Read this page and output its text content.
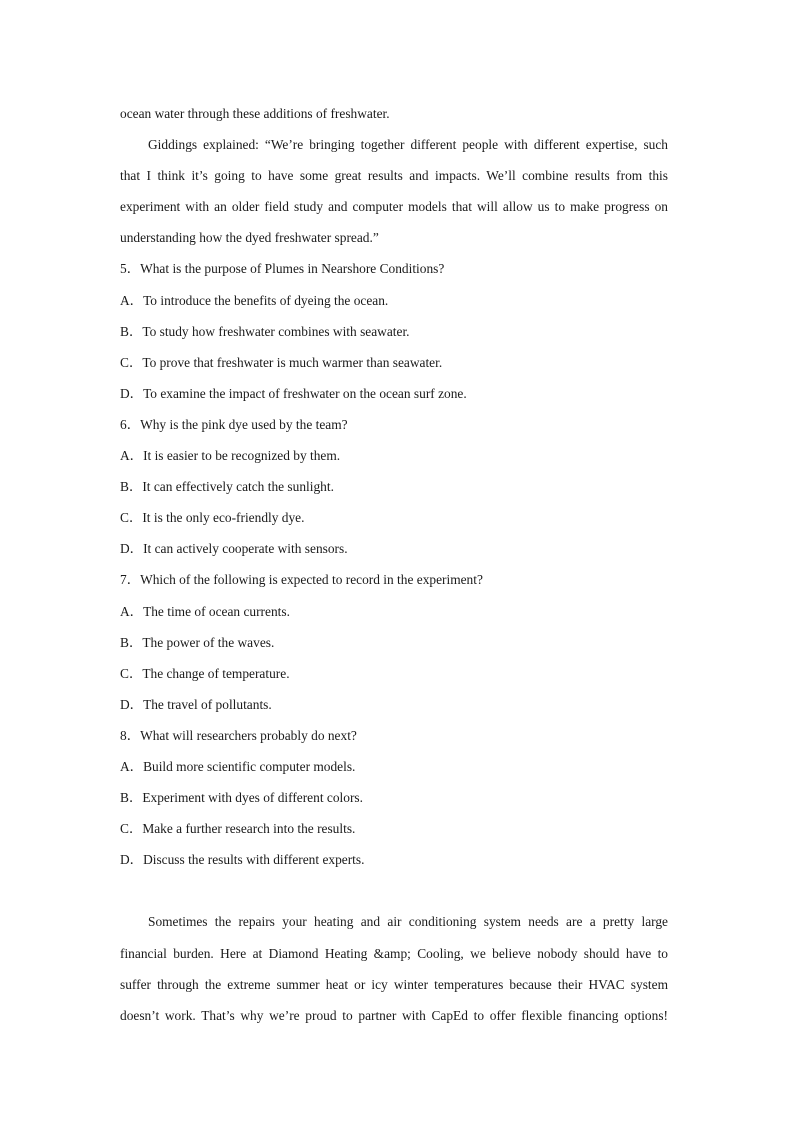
ocean water through these additions of freshwater.
Giddings explained: “We’re bringing together different people with different expertise, such
that I think it’s going to have some great results and impacts. We’ll combine results from this
experiment with an older field study and computer models that will allow us to make progress on
understanding how the dyed freshwater spread.”
5．What is the purpose of Plumes in Nearshore Conditions?
A．To introduce the benefits of dyeing the ocean.
B．To study how freshwater combines with seawater.
C．To prove that freshwater is much warmer than seawater.
D．To examine the impact of freshwater on the ocean surf zone.
6．Why is the pink dye used by the team?
A．It is easier to be recognized by them.
B．It can effectively catch the sunlight.
C．It is the only eco-friendly dye.
D．It can actively cooperate with sensors.
7．Which of the following is expected to record in the experiment?
A．The time of ocean currents.
B．The power of the waves.
C．The change of temperature.
D．The travel of pollutants.
8．What will researchers probably do next?
A．Build more scientific computer models.
B．Experiment with dyes of different colors.
C．Make a further research into the results.
D．Discuss the results with different experts.
Sometimes the repairs your heating and air conditioning system needs are a pretty large
financial burden. Here at Diamond Heating &amp; Cooling, we believe nobody should have to
suffer through the extreme summer heat or icy winter temperatures because their HVAC system
doesn’t work. That’s why we’re proud to partner with CapEd to offer flexible financing options!
